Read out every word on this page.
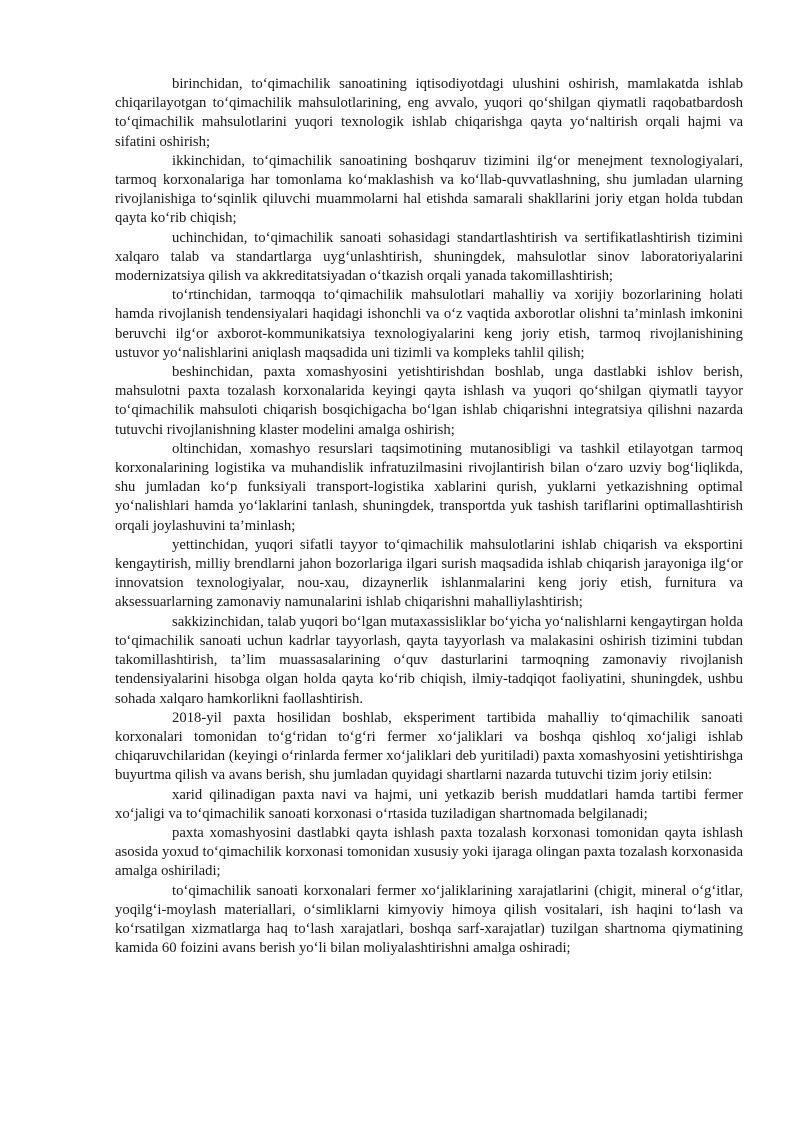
birinchidan, to‘qimachilik sanoatining iqtisodiyotdagi ulushini oshirish, mamlakatda ishlab chiqarilayotgan to‘qimachilik mahsulotlarining, eng avvalo, yuqori qo‘shilgan qiymatli raqobatbardosh to‘qimachilik mahsulotlarini yuqori texnologik ishlab chiqarishga qayta yo‘naltirish orqali hajmi va sifatini oshirish;

ikkinchidan, to‘qimachilik sanoatining boshqaruv tizimini ilg‘or menejment texnologiyalari, tarmoq korxonalariga har tomonlama ko‘maklashish va ko‘llab-quvvatlashning, shu jumladan ularning rivojlanishiga to‘sqinlik qiluvchi muammolarni hal etishda samarali shakllarini joriy etgan holda tubdan qayta ko‘rib chiqish;

uchinchidan, to‘qimachilik sanoati sohasidagi standartlashtirish va sertifikatlashtirish tizimini xalqaro talab va standartlarga uyg‘unlashtirish, shuningdek, mahsulotlar sinov laboratoriyalarini modernizatsiya qilish va akkreditatsiyadan o‘tkazish orqali yanada takomillashtirish;

to‘rtinchidan, tarmoqqa to‘qimachilik mahsulotlari mahalliy va xorijiy bozorlarining holati hamda rivojlanish tendensiyalari haqidagi ishonchli va o‘z vaqtida axborotlar olishni ta’minlash imkonini beruvchi ilg‘or axborot-kommunikatsiya texnologiyalarini keng joriy etish, tarmoq rivojlanishining ustuvor yo‘nalishlarini aniqlash maqsadida uni tizimli va kompleks tahlil qilish;

beshinchidan, paxta xomashyosini yetishtirishdan boshlab, unga dastlabki ishlov berish, mahsulotni paxta tozalash korxonalarida keyingi qayta ishlash va yuqori qo‘shilgan qiymatli tayyor to‘qimachilik mahsuloti chiqarish bosqichigacha bo‘lgan ishlab chiqarishni integratsiya qilishni nazarda tutuvchi rivojlanishning klaster modelini amalga oshirish;

oltinchidan, xomashyo resurslari taqsimotining mutanosibligi va tashkil etilayotgan tarmoq korxonalarining logistika va muhandislik infratuzilmasini rivojlantirish bilan o‘zaro uzviy bog‘liqlikda, shu jumladan ko‘p funksiyali transport-logistika xablarini qurish, yuklarni yetkazishning optimal yo‘nalishlari hamda yo‘laklarini tanlash, shuningdek, transportda yuk tashish tariflarini optimallashtirish orqali joylashuvini ta’minlash;

yettinchidan, yuqori sifatli tayyor to‘qimachilik mahsulotlarini ishlab chiqarish va eksportini kengaytirish, milliy brendlarni jahon bozorlariga ilgari surish maqsadida ishlab chiqarish jarayoniga ilg‘or innovatsion texnologiyalar, nou-xau, dizaynerlik ishlanmalarini keng joriy etish, furnitura va aksessuarlarning zamonaviy namunalarini ishlab chiqarishni mahalliylashtirish;

sakkizinchidan, talab yuqori bo‘lgan mutaxassisliklar bo‘yicha yo‘nalishlarni kengaytirgan holda to‘qimachilik sanoati uchun kadrlar tayyorlash, qayta tayyorlash va malakasini oshirish tizimini tubdan takomillashtirish, ta’lim muassasalarining o‘quv dasturlarini tarmoqning zamonaviy rivojlanish tendensiyalarini hisobga olgan holda qayta ko‘rib chiqish, ilmiy-tadqiqot faoliyatini, shuningdek, ushbu sohada xalqaro hamkorlikni faollashtirish.

2018-yil paxta hosilidan boshlab, eksperiment tartibida mahalliy to‘qimachilik sanoati korxonalari tomonidan to‘g‘ridan to‘g‘ri fermer xo‘jaliklari va boshqa qishloq xo‘jaligi ishlab chiqaruvchilaridan (keyingi o‘rinlarda fermer xo‘jaliklari deb yuritiladi) paxta xomashyosini yetishtirishga buyurtma qilish va avans berish, shu jumladan quyidagi shartlarni nazarda tutuvchi tizim joriy etilsin:

xarid qilinadigan paxta navi va hajmi, uni yetkazib berish muddatlari hamda tartibi fermer xo‘jaligi va to‘qimachilik sanoati korxonasi o‘rtasida tuziladigan shartnomada belgilanadi;

paxta xomashyosini dastlabki qayta ishlash paxta tozalash korxonasi tomonidan qayta ishlash asosida yoxud to‘qimachilik korxonasi tomonidan xususiy yoki ijaraga olingan paxta tozalash korxonasida amalga oshiriladi;

to‘qimachilik sanoati korxonalari fermer xo‘jaliklarining xarajatlarini (chigit, mineral o‘g‘itlar, yoqilg‘i-moylash materiallari, o‘simliklarni kimyoviy himoya qilish vositalari, ish haqini to‘lash va ko‘rsatilgan xizmatlarga haq to‘lash xarajatlari, boshqa sarf-xarajatlar) tuzilgan shartnoma qiymatining kamida 60 foizini avans berish yo‘li bilan moliyalashtirishni amalga oshiradi;
